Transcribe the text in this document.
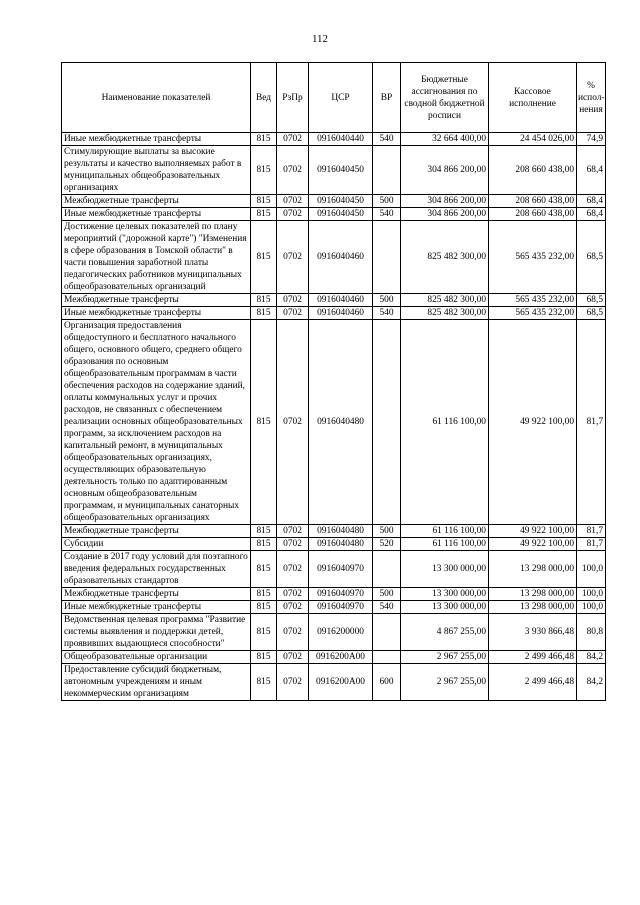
112
Наименование показателей	Вед	РзПр	ЦСР	ВР	Бюджетные ассигнования по сводной бюджетной росписи	Кассовое исполнение	% испол-нения
Иные межбюджетные трансферты	815	0702	0916040440	540	32 664 400,00	24 454 026,00	74,9
Стимулирующие выплаты за высокие результаты и качество выполняемых работ в муниципальных общеобразовательных организациях	815	0702	0916040450		304 866 200,00	208 660 438,00	68,4
Межбюджетные трансферты	815	0702	0916040450	500	304 866 200,00	208 660 438,00	68,4
Иные межбюджетные трансферты	815	0702	0916040450	540	304 866 200,00	208 660 438,00	68,4
Достижение целевых показателей по плану мероприятий ("дорожной карте") "Изменения в сфере образования в Томской области" в части повышения заработной платы педагогических работников муниципальных общеобразовательных организаций	815	0702	0916040460		825 482 300,00	565 435 232,00	68,5
Межбюджетные трансферты	815	0702	0916040460	500	825 482 300,00	565 435 232,00	68,5
Иные межбюджетные трансферты	815	0702	0916040460	540	825 482 300,00	565 435 232,00	68,5
Организация предоставления общедоступного и бесплатного начального общего, основного общего, среднего общего образования по основным общеобразовательным программам в части обеспечения расходов на содержание зданий, оплаты коммунальных услуг и прочих расходов, не связанных с обеспечением реализации основных общеобразовательных программ, за исключением расходов на капитальный ремонт, в муниципальных общеобразовательных организациях, осуществляющих образовательную деятельность только по адаптированным основным общеобразовательным программам, и муниципальных санаторных общеобразовательных организациях	815	0702	0916040480		61 116 100,00	49 922 100,00	81,7
Межбюджетные трансферты	815	0702	0916040480	500	61 116 100,00	49 922 100,00	81,7
Субсидии	815	0702	0916040480	520	61 116 100,00	49 922 100,00	81,7
Создание в 2017 году условий для поэтапного введения федеральных государственных образовательных стандартов	815	0702	0916040970		13 300 000,00	13 298 000,00	100,0
Межбюджетные трансферты	815	0702	0916040970	500	13 300 000,00	13 298 000,00	100,0
Иные межбюджетные трансферты	815	0702	0916040970	540	13 300 000,00	13 298 000,00	100,0
Ведомственная целевая программа "Развитие системы выявления и поддержки детей, проявивших выдающиеся способности"	815	0702	0916200000		4 867 255,00	3 930 866,48	80,8
Общеобразовательные организации	815	0702	0916200А00		2 967 255,00	2 499 466,48	84,2
Предоставление субсидий бюджетным, автономным учреждениям и иным некоммерческим организациям	815	0702	0916200А00	600	2 967 255,00	2 499 466,48	84,2
